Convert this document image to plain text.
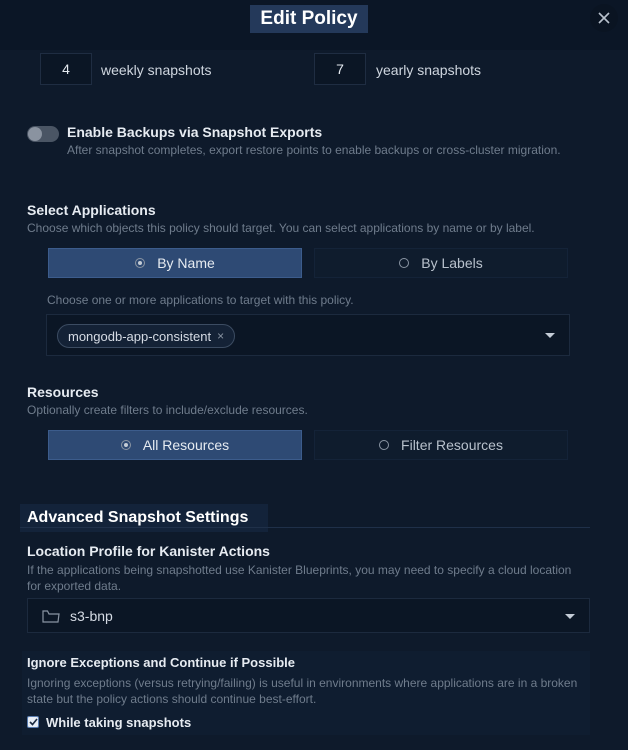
Edit Policy
4	weekly snapshots	7	yearly snapshots
Enable Backups via Snapshot Exports
After snapshot completes, export restore points to enable backups or cross-cluster migration.
Select Applications
Choose which objects this policy should target. You can select applications by name or by label.
By Name	By Labels
Choose one or more applications to target with this policy.
mongodb-app-consistent ×
Resources
Optionally create filters to include/exclude resources.
All Resources	Filter Resources
Advanced Snapshot Settings
Location Profile for Kanister Actions
If the applications being snapshotted use Kanister Blueprints, you may need to specify a cloud location
for exported data.
s3-bnp
Ignore Exceptions and Continue if Possible
Ignoring exceptions (versus retrying/failing) is useful in environments where applications are in a broken
state but the policy actions should continue best-effort.
While taking snapshots
